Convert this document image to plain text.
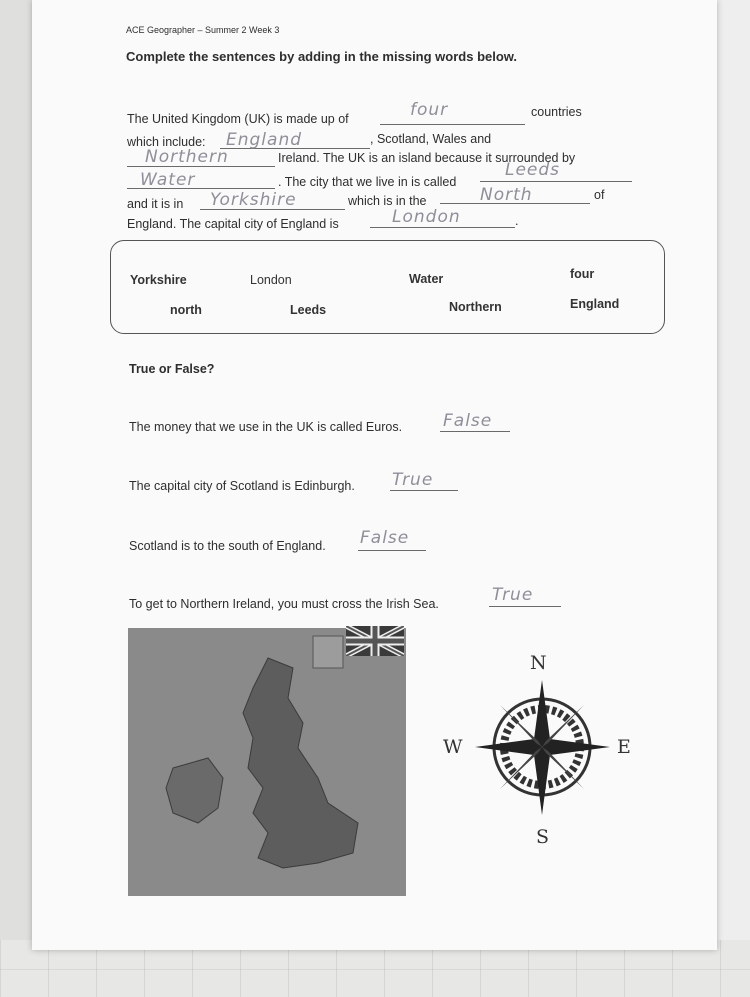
ACE Geographer – Summer 2 Week 3
Complete the sentences by adding in the missing words below.
The United Kingdom (UK) is made up of	four	countries
which include: England	, Scotland, Wales and
Northern	Ireland. The UK is an island because it surrounded by
Water	. The city that we live in is called
Leeds
and it is in Yorkshire	which is in the	North	of
England. The capital city of England is	London	.
Yorkshire	London	Water	four
north	Leeds	Northern	England
True or False?
The money that we use in the UK is called Euros. False
The capital city of Scotland is Edinburgh. True
Scotland is to the south of England. False
To get to Northern Ireland, you must cross the Irish Sea.	True
N
E
S
W
